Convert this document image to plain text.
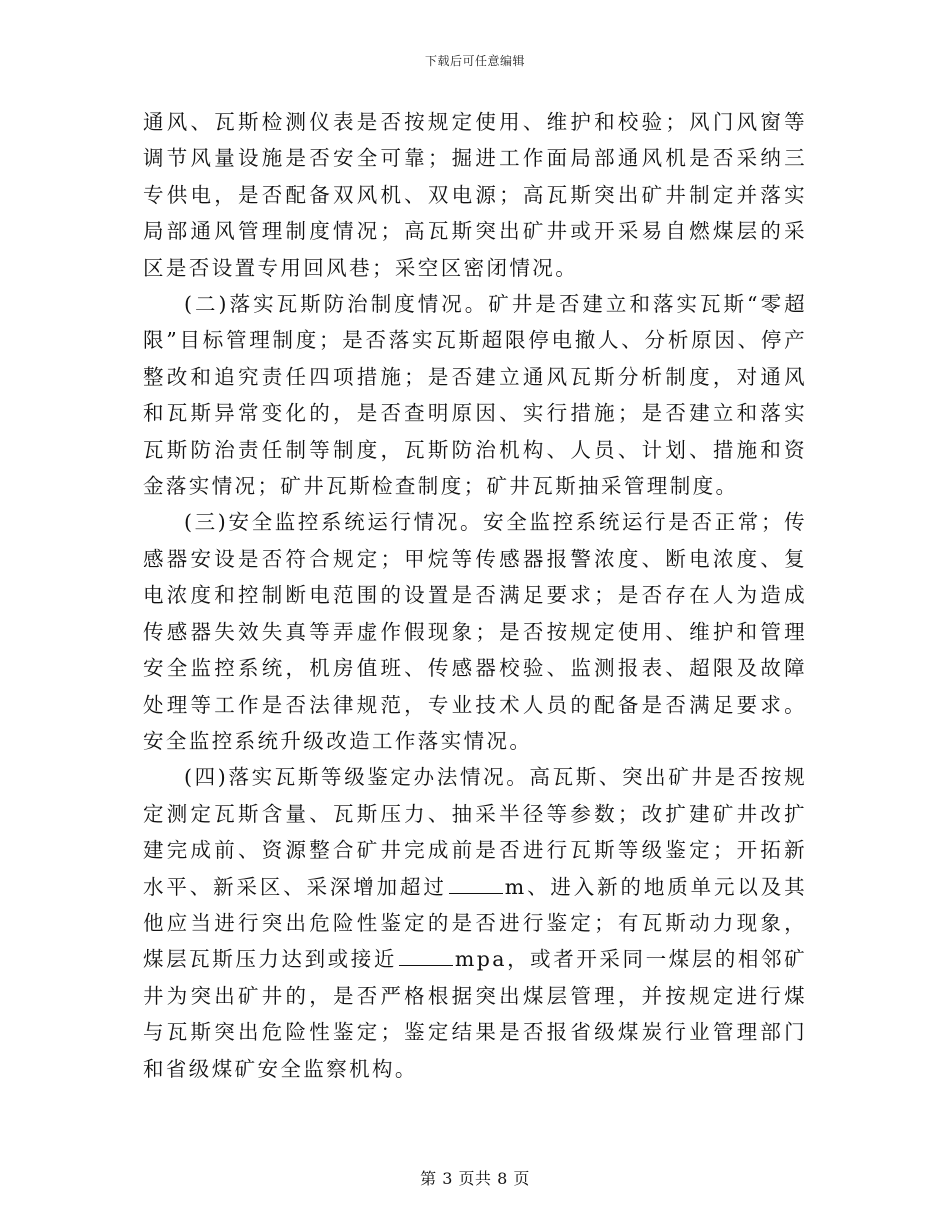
下载后可任意编辑

通风、瓦斯检测仪表是否按规定使用、维护和校验；风门风窗等调节风量设施是否安全可靠；掘进工作面局部通风机是否采纳三专供电，是否配备双风机、双电源；高瓦斯突出矿井制定并落实局部通风管理制度情况；高瓦斯突出矿井或开采易自燃煤层的采区是否设置专用回风巷；采空区密闭情况。

(二)落实瓦斯防治制度情况。矿井是否建立和落实瓦斯“零超限”目标管理制度；是否落实瓦斯超限停电撤人、分析原因、停产整改和追究责任四项措施；是否建立通风瓦斯分析制度，对通风和瓦斯异常变化的，是否查明原因、实行措施；是否建立和落实瓦斯防治责任制等制度，瓦斯防治机构、人员、计划、措施和资金落实情况；矿井瓦斯检查制度；矿井瓦斯抽采管理制度。

(三)安全监控系统运行情况。安全监控系统运行是否正常；传感器安设是否符合规定；甲烷等传感器报警浓度、断电浓度、复电浓度和控制断电范围的设置是否满足要求；是否存在人为造成传感器失效失真等弄虚作假现象；是否按规定使用、维护和管理安全监控系统，机房值班、传感器校验、监测报表、超限及故障处理等工作是否法律规范，专业技术人员的配备是否满足要求。安全监控系统升级改造工作落实情况。

(四)落实瓦斯等级鉴定办法情况。高瓦斯、突出矿井是否按规定测定瓦斯含量、瓦斯压力、抽采半径等参数；改扩建矿井改扩建完成前、资源整合矿井完成前是否进行瓦斯等级鉴定；开拓新水平、新采区、采深增加超过	m、进入新的地质单元以及其他应当进行突出危险性鉴定的是否进行鉴定；有瓦斯动力现象，煤层瓦斯压力达到或接近	mpa，或者开采同一煤层的相邻矿井为突出矿井的，是否严格根据突出煤层管理，并按规定进行煤与瓦斯突出危险性鉴定；鉴定结果是否报省级煤炭行业管理部门和省级煤矿安全监察机构。

第 3 页共 8 页
